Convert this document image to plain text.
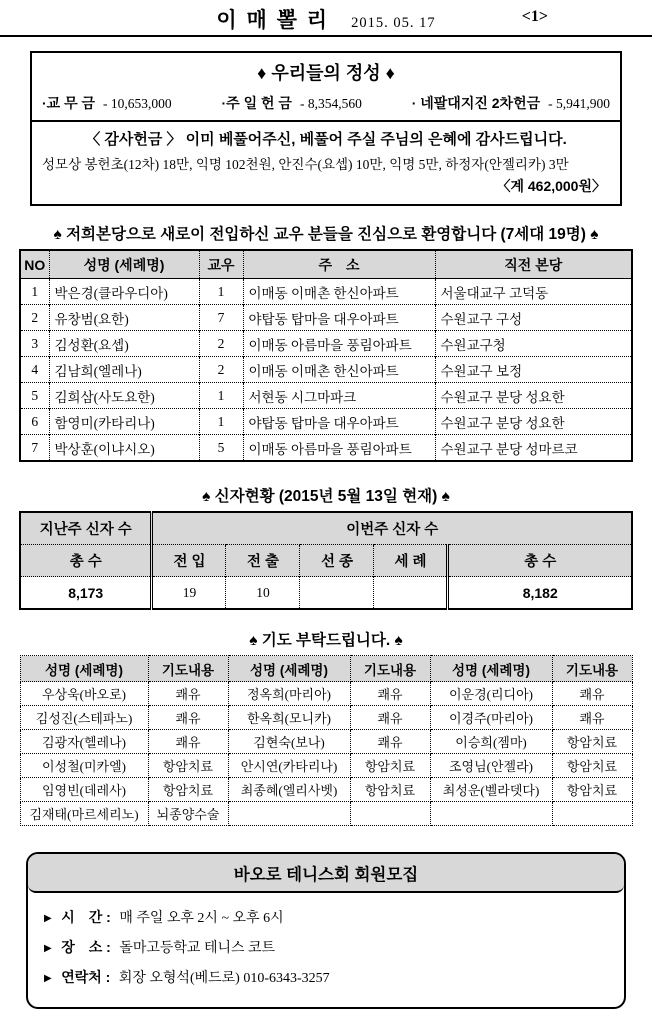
이 매 뽈 리 2015. 05. 17	<1>
♦ 우리들의 정성 ♦
·교 무 금 - 10,653,000	·주 일 헌 금 - 8,354,560	· 네팔대지진 2차헌금 - 5,941,900
〈 감사헌금 〉 이미 베풀어주신, 베풀어 주실 주님의 은혜에 감사드립니다.
성모상 봉헌초(12차) 18만, 익명 102천원, 안진수(요셉) 10만, 익명 5만, 하정자(안젤리카) 3만
〈계 462,000원〉
♠ 저희본당으로 새로이 전입하신 교우 분들을 진심으로 환영합니다 (7세대 19명) ♠
NO	성명 (세례명)	교우	주　소	직전 본당
1	박은경(클라우디아)	1	이매동 이매촌 한신아파트	서울대교구 고덕동
2	유창범(요한)	7	야탑동 탑마을 대우아파트	수원교구 구성
3	김성환(요셉)	2	이매동 아름마을 풍림아파트	수원교구청
4	김남희(엘레나)	2	이매동 이매촌 한신아파트	수원교구 보정
5	김희삼(사도요한)	1	서현동 시그마파크	수원교구 분당 성요한
6	함영미(카타리나)	1	야탑동 탑마을 대우아파트	수원교구 분당 성요한
7	박상훈(이냐시오)	5	이매동 아름마을 풍림아파트	수원교구 분당 성마르코
♠ 신자현황 (2015년 5월 13일 현재) ♠
지난주 신자 수	이번주 신자 수				
총 수	전 입	전 출	선 종	세 례	총 수
8,173	19	10			8,182
♠ 기도 부탁드립니다. ♠
성명 (세례명)	기도내용	성명 (세례명)	기도내용	성명 (세례명)	기도내용
우상욱(바오로)	쾌유	정옥희(마리아)	쾌유	이운경(리디아)	쾌유
김성진(스테파노)	쾌유	한옥희(모니카)	쾌유	이경주(마리아)	쾌유
김광자(헬레나)	쾌유	김현숙(보나)	쾌유	이승희(젬마)	항암치료
이성철(미카엘)	항암치료	안시연(카타리나)	항암치료	조영님(안젤라)	항암치료
임영빈(데레사)	항암치료	최종혜(엘리사벳)	항암치료	최성운(벨라뎃다)	항암치료
김재태(마르세리노)	뇌종양수술				
바오로 테니스회 회원모집
▶ 시　간 : 매 주일 오후 2시 ~ 오후 6시
▶ 장　소 : 돌마고등학교 테니스 코트
▶ 연락처 : 회장 오형석(베드로) 010-6343-3257
